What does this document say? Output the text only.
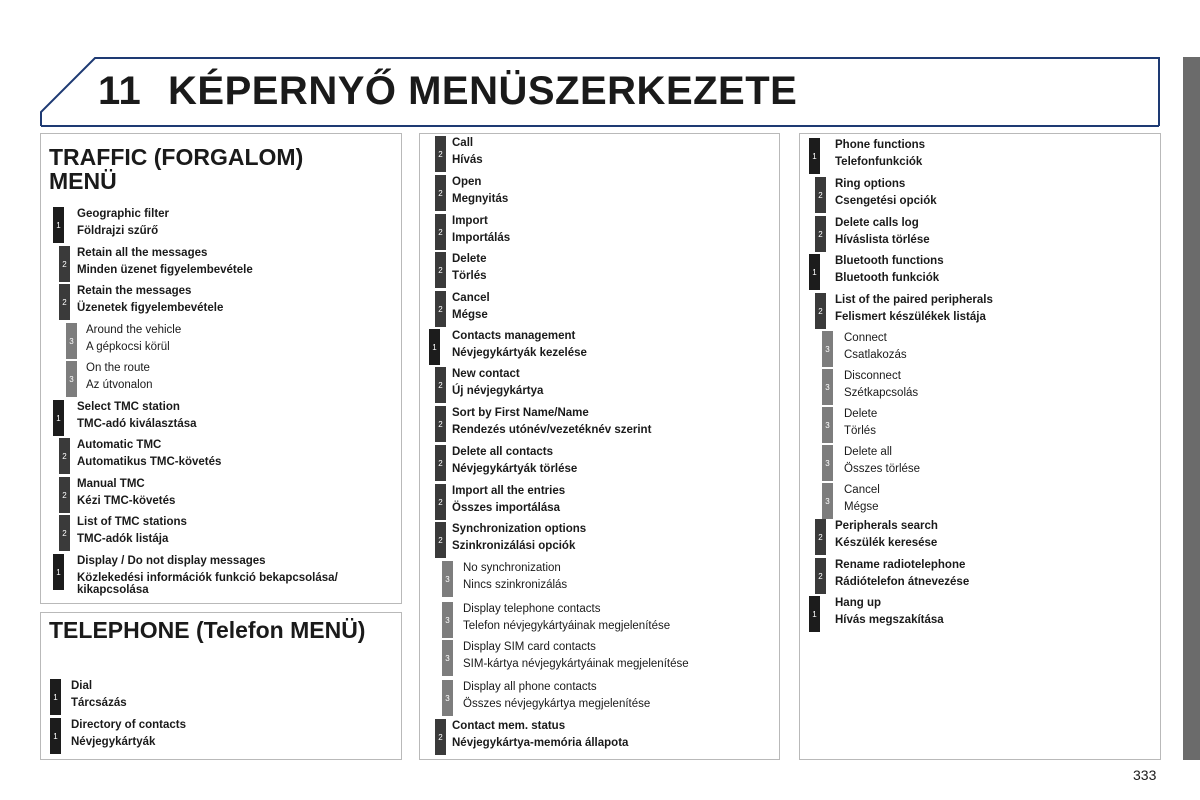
11 KÉPERNYŐ MENÜSZERKEZETE
TRAFFIC (FORGALOM)
MENÜ
1
Geographic filter
Földrajzi szűrő
2
Retain all the messages
Minden üzenet figyelembevétele
2
Retain the messages
Üzenetek figyelembevétele
3
Around the vehicle
A gépkocsi körül
3
On the route
Az útvonalon
1
Select TMC station
TMC-adó kiválasztása
2
Automatic TMC
Automatikus TMC-követés
2
Manual TMC
Kézi TMC-követés
2
List of TMC stations
TMC-adók listája
1
Display / Do not display messages
Közlekedési információk funkció bekapcsolása/
kikapcsolása
TELEPHONE (Telefon MENÜ)
1
Dial
Tárcsázás
1
Directory of contacts
Névjegykártyák
2
Call
Hívás
2
Open
Megnyitás
2
Import
Importálás
2
Delete
Törlés
2
Cancel
Mégse
1
Contacts management
Névjegykártyák kezelése
2
New contact
Új névjegykártya
2
Sort by First Name/Name
Rendezés utónév/vezetéknév szerint
2
Delete all contacts
Névjegykártyák törlése
2
Import all the entries
Összes importálása
2
Synchronization options
Szinkronizálási opciók
3
No synchronization
Nincs szinkronizálás
3
Display telephone contacts
Telefon névjegykártyáinak megjelenítése
3
Display SIM card contacts
SIM-kártya névjegykártyáinak megjelenítése
3
Display all phone contacts
Összes névjegykártya megjelenítése
2
Contact mem. status
Névjegykártya-memória állapota
1
Phone functions
Telefonfunkciók
2
Ring options
Csengetési opciók
2
Delete calls log
Híváslista törlése
1
Bluetooth functions
Bluetooth funkciók
2
List of the paired peripherals
Felismert készülékek listája
3
Connect
Csatlakozás
3
Disconnect
Szétkapcsolás
3
Delete
Törlés
3
Delete all
Összes törlése
3
Cancel
Mégse
2
Peripherals search
Készülék keresése
2
Rename radiotelephone
Rádiótelefon átnevezése
1
Hang up
Hívás megszakítása
333
